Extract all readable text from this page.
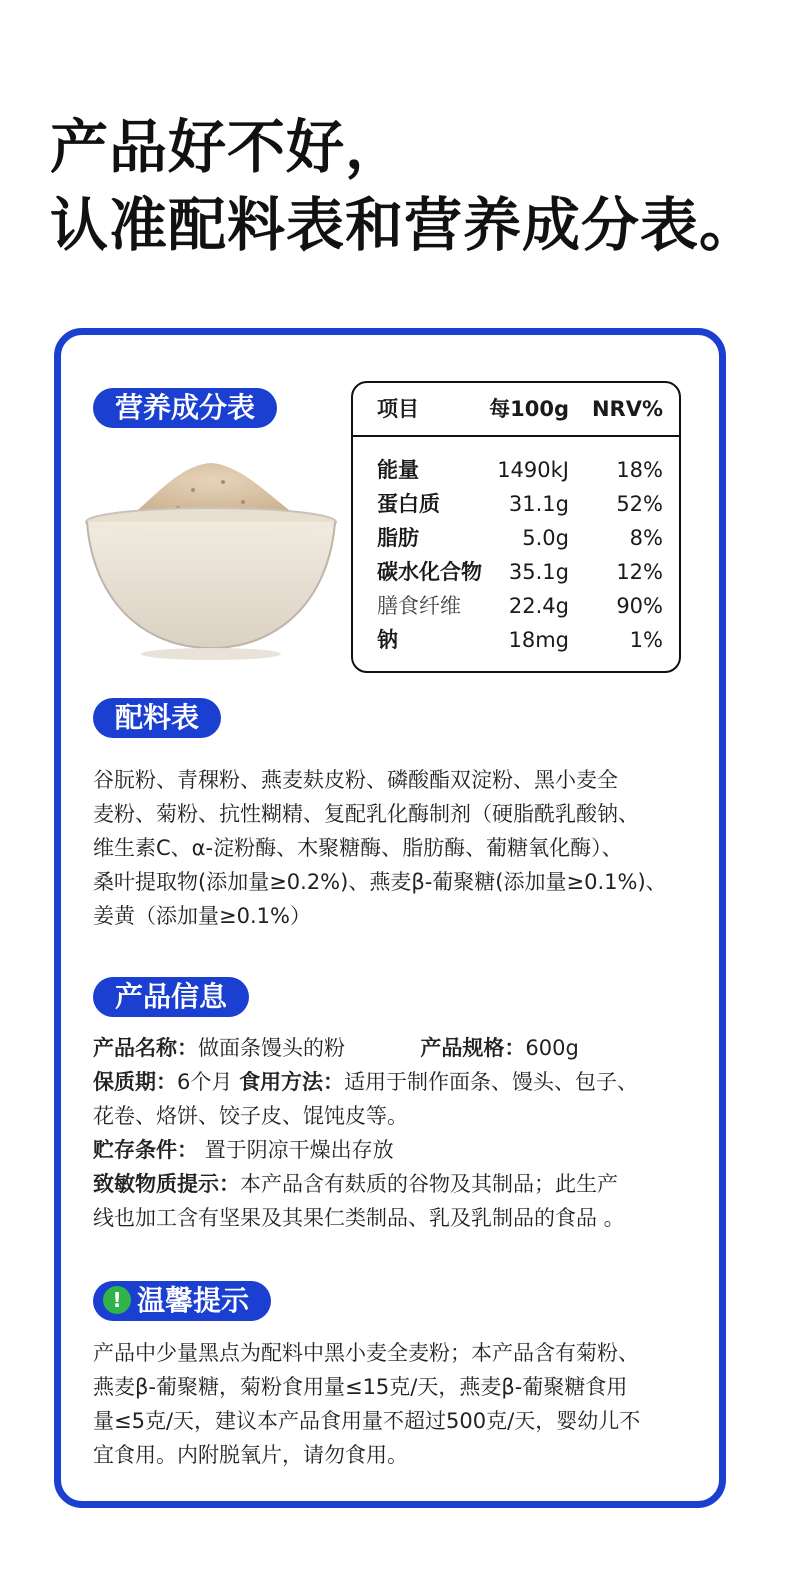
产品好不好，
认准配料表和营养成分表。
营养成分表	项目	每100g NRV%
能量	1490kJ 18%
蛋白质	31.1g 52%
脂肪	5.0g	8%
碳水化合物 35.1g 12%
膳食纤维 22.4g 90%
钠	18mg	1%
配料表
谷朊粉、青稞粉、燕麦麸皮粉、磷酸酯双淀粉、黑小麦全
麦粉、菊粉、抗性糊精、复配乳化酶制剂（硬脂酰乳酸钠、
维生素C、α-淀粉酶、木聚糖酶、脂肪酶、葡糖氧化酶）、
桑叶提取物(添加量≥0.2%)、燕麦β-葡聚糖(添加量≥0.1%)、
姜黄（添加量≥0.1%）
产品信息
产品名称：做面条馒头的粉	产品规格：600g
保质期：6个月 食用方法：适用于制作面条、馒头、包子、
花卷、烙饼、饺子皮、馄饨皮等。
贮存条件： 置于阴凉干燥出存放
致敏物质提示：本产品含有麸质的谷物及其制品；此生产
线也加工含有坚果及其果仁类制品、乳及乳制品的食品 。
! 温馨提示
产品中少量黑点为配料中黑小麦全麦粉；本产品含有菊粉、
燕麦β-葡聚糖，菊粉食用量≤15克/天，燕麦β-葡聚糖食用
量≤5克/天，建议本产品食用量不超过500克/天，婴幼儿不
宜食用。内附脱氧片，请勿食用。
